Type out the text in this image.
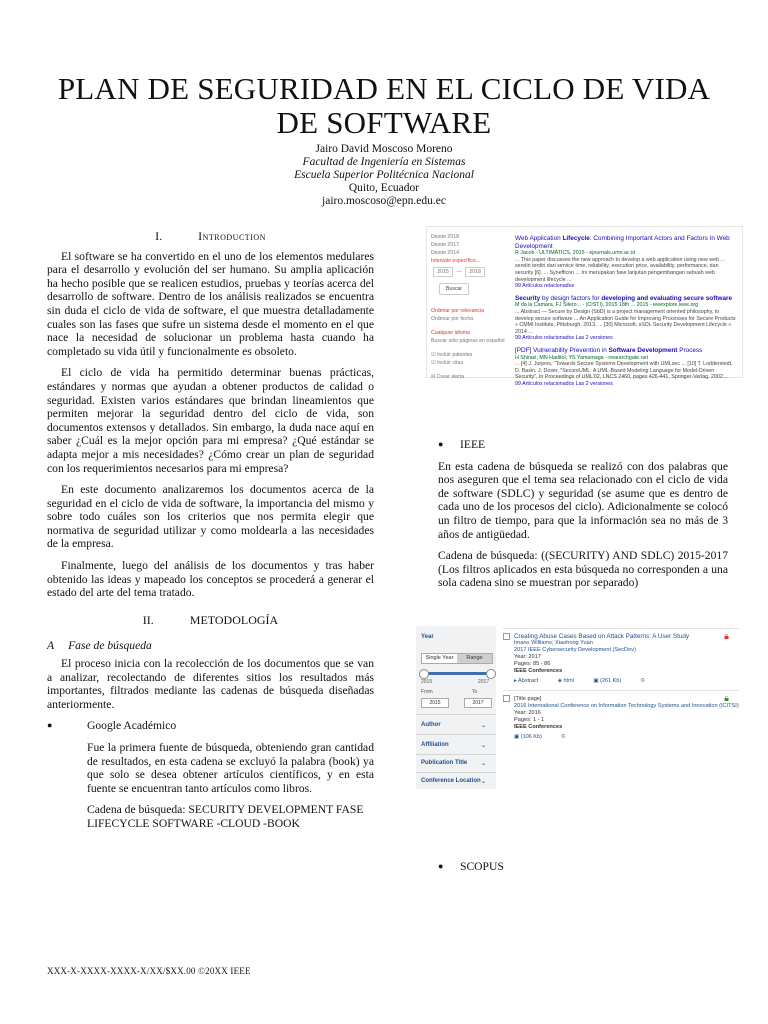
PLAN DE SEGURIDAD EN EL CICLO DE VIDA DE SOFTWARE
Jairo David Moscoso Moreno
Facultad de Ingeniería en Sistemas
Escuela Superior Politécnica Nacional
Quito, Ecuador
jairo.moscoso@epn.edu.ec
I.	Introduction

El software se ha convertido en el uno de los elementos medulares para el desarrollo y evolución del ser humano. Su amplia aplicación ha hecho posible que se realicen estudios, pruebas y teorías acerca del desarrollo de software. Dentro de los análisis realizados se encuentra sin duda el ciclo de vida de software, el que muestra detalladamente cuales son las fases que sufre un sistema desde el momento en el que nace la necesidad de solucionar un problema hasta cuando ha completado su vida útil y funcionalmente es obsoleto.

El ciclo de vida ha permitido determinar buenas prácticas, estándares y normas que ayudan a obtener productos de calidad o seguridad. Existen varios estándares que brindan lineamientos que permiten mejorar la seguridad dentro del ciclo de vida, son documentos extensos y detallados. Sin embargo, la duda nace aquí en saber ¿Cuál es la mejor opción para mi empresa? ¿Qué estándar se adapta mejor a mis necesidades? ¿Cómo crear un plan de seguridad con los requerimientos necesarios para mi empresa?

En este documento analizaremos los documentos acerca de la seguridad en el ciclo de vida de software, la importancia del mismo y sobre todo cuáles son los criterios que nos permita elegir que normativa de seguridad utilizar y como moldearla a las necesidades de la empresa.

Finalmente, luego del análisis de los documentos y tras haber obtenido las ideas y mapeado los conceptos se procederá a generar el estado del arte del tema tratado.

II.	METODOLOGÍA
A Fase de búsqueda

El proceso inicia con la recolección de los documentos que se van a analizar, recolectando de diferentes sitios los resultados más importantes, filtrados mediante las cadenas de búsqueda diseñadas anteriormente.

●	Google Académico

Fue la primera fuente de búsqueda, obteniendo gran cantidad de resultados, en esta cadena se excluyó la palabra (book) ya que solo se desea obtener artículos científicos, y en esta fuente se encuentran tanto artículos como libros.

Cadena de búsqueda: SECURITY DEVELOPMENT FASE LIFECYCLE SOFTWARE -CLOUD -BOOK

Desde 2018
Desde 2017
Desde 2014
Intervalo específico...
2015 — 2018
Buscar
Ordenar por relevancia
Ordenar por fecha
Cualquier idioma
Buscar sólo páginas en español
☑ Incluir patentes
☑ Incluir citas
✉ Crear alerta
Web Application Lifecycle: Combining Important Actors and Factors In Web Development
R Jacob - ULTIMATICS, 2015 - ejournals.umn.ac.id
... This paper discusses the new approach to develop a web application using new web ... sendiri terdiri dari service time, reliability, execution price, availability, performance, dan security [6]. ... Synefficon ... Ini merupakan fase lanjutan pengembangan sebuah web development lifecycle ...
99 Artículos relacionados
Security by design factors for developing and evaluating secure software
M da la Camara, FJ Silero... - (CISTI), 2015 18th ... 2015 - ieeexplore.ieee.org
... Abstract — Secure by Design (SbD) is a project management oriented philosophy, to develop secure software ... An Application Guide for Improving Processes for Secure Products » CMMI Institute, Pittsburgh, 2013. ... [30] Microsoft, sSDL Security Development Lifecycle » 2014 ...
99 Artículos relacionados Las 2 versiones
[PDF] Vulnerability Prevention in Software Development Process
H Shirazi, MN Haditol, YS Yamamaga - researchgate.net
... [4] J. Jurjens, "Towards Secure Systems Development with UMLsec ... [10] T. Lodderstedt, D. Basin, J. Doser, "SecureUML: A UML-Based Modeling Language for Model-Driven Security", In Proceedings of UML'02, LNCS 2460, pages 426-441, Springer-Verlag, 2002 ...
99 Artículos relacionados Las 2 versiones
● IEEE

En esta cadena de búsqueda se realizó con dos palabras que nos aseguren que el tema sea relacionado con el ciclo de vida de software (SDLC) y seguridad (se asume que es dentro de cada uno de los procesos del ciclo). Adicionalmente se colocó un filtro de tiempo, para que la información sea no más de 3 años de antigüedad.

Cadena de búsqueda: ((SECURITY) AND SDLC) 2015-2017 (Los filtros aplicados en esta búsqueda no corresponden a una sola cadena sino se muestran por separado)

Year
Single Year Range
2015	2017
From	To
2015	2017
Author	⌄
Affiliation	⌄
Publication Title ⌄
Conference Location ⌄
Creating Abuse Cases Based on Attack Patterns: A User Study
Imano Williams; Xiaohong Yuan
2017 IEEE Cybersecurity Development (SecDev)
Year: 2017
Pages: 85 - 86
IEEE Conferences
▸ Abstract	◈ html	▣ (261 Kb)	©
[Title page]
2016 International Conference on Information Technology Systems and Innovation (ICITSI)
Year: 2016
Pages: 1 - 1
IEEE Conferences
▣ (106 Kb)	©
● SCOPUS
XXX-X-XXXX-XXXX-X/XX/$XX.00 ©20XX IEEE
